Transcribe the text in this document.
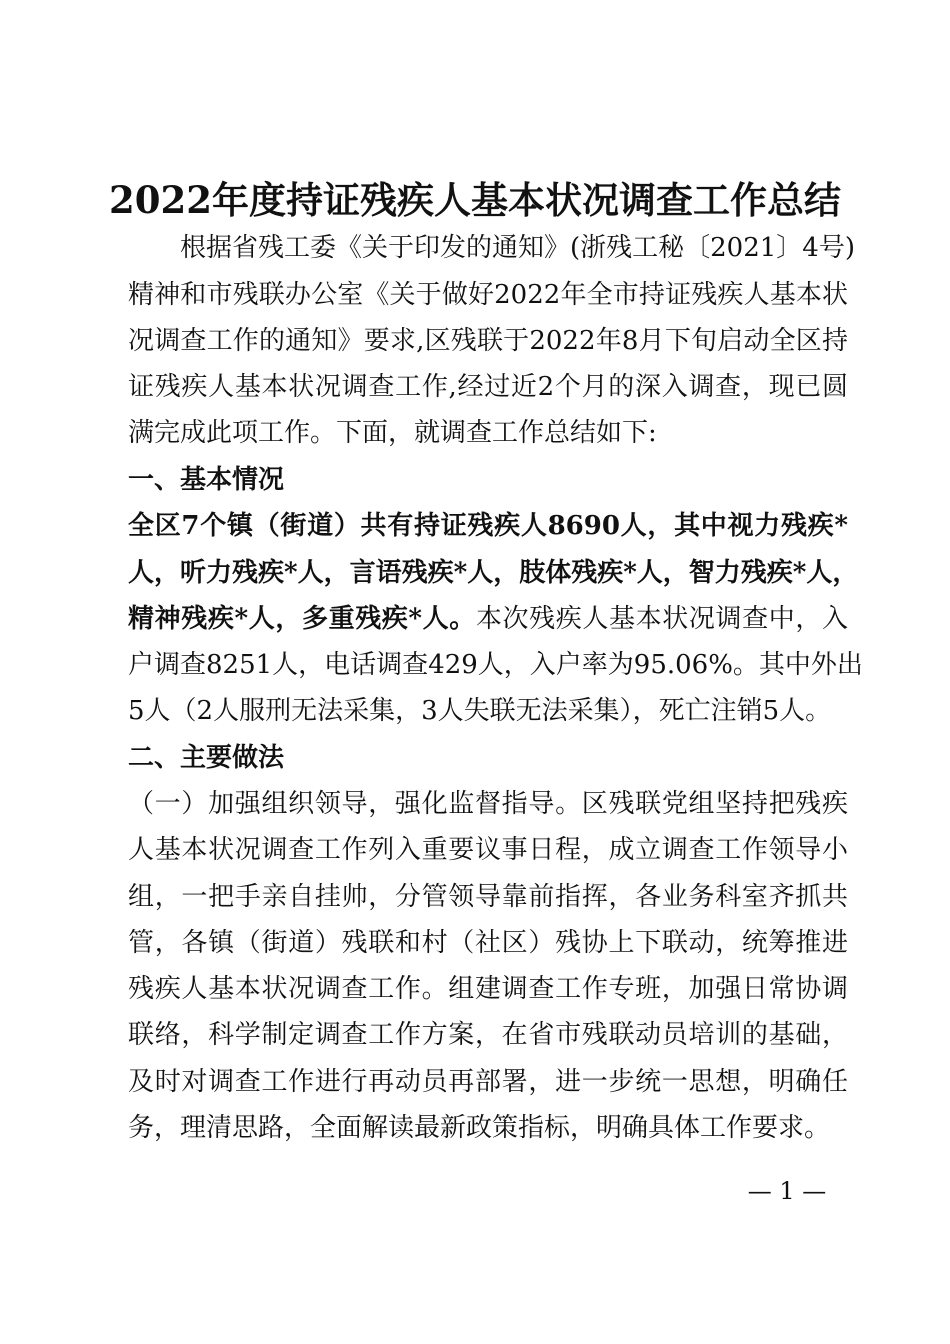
2022年度持证残疾人基本状况调查工作总结
根据省残工委《关于印发的通知》(浙残工秘〔2021〕4号)
精神和市残联办公室《关于做好2022年全市持证残疾人基本状
况调查工作的通知》要求,区残联于2022年8月下旬启动全区持
证残疾人基本状况调查工作,经过近2个月的深入调查，现已圆
满完成此项工作。下面，就调查工作总结如下:
一、基本情况
全区7个镇（街道）共有持证残疾人8690人，其中视力残疾*
人，听力残疾*人，言语残疾*人，肢体残疾*人，智力残疾*人，
精神残疾*人，多重残疾*人。本次残疾人基本状况调查中，入
户调查8251人，电话调查429人，入户率为95.06%。其中外出
5人（2人服刑无法采集，3人失联无法采集），死亡注销5人。
二、主要做法
（一）加强组织领导，强化监督指导。区残联党组坚持把残疾
人基本状况调查工作列入重要议事日程，成立调查工作领导小
组，一把手亲自挂帅，分管领导靠前指挥，各业务科室齐抓共
管，各镇（街道）残联和村（社区）残协上下联动，统筹推进
残疾人基本状况调查工作。组建调查工作专班，加强日常协调
联络，科学制定调查工作方案，在省市残联动员培训的基础，
及时对调查工作进行再动员再部署，进一步统一思想，明确任
务，理清思路，全面解读最新政策指标，明确具体工作要求。
— 1 —
